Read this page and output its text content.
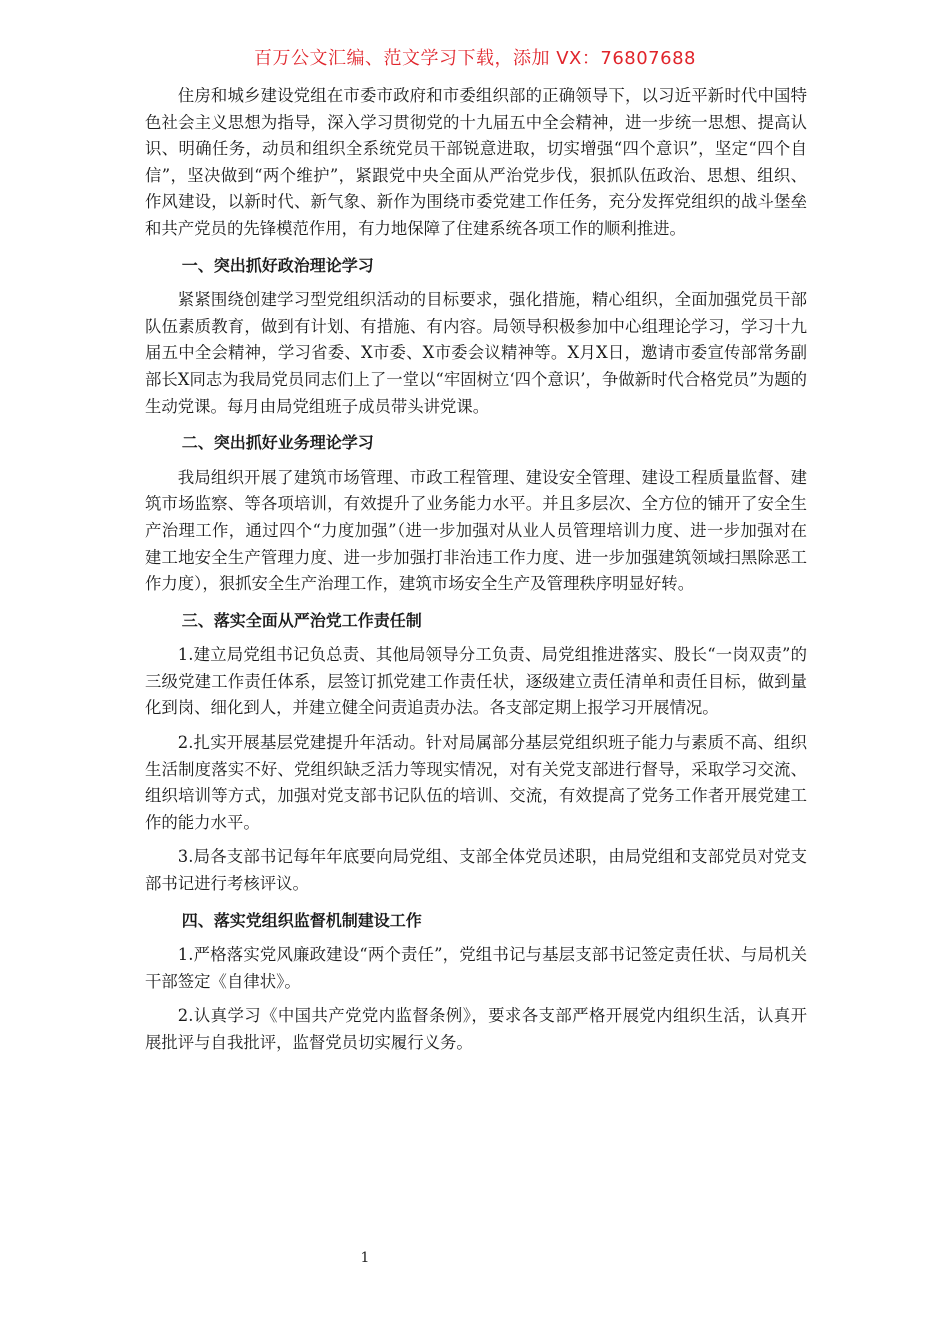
百万公文汇编、范文学习下载，添加 VX：76807688

住房和城乡建设党组在市委市政府和市委组织部的正确领导下，以习近平新时代中国特色社会主义思想为指导，深入学习贯彻党的十九届五中全会精神，进一步统一思想、提高认识、明确任务，动员和组织全系统党员干部锐意进取，切实增强“四个意识”，坚定“四个自信”，坚决做到“两个维护”，紧跟党中央全面从严治党步伐，狠抓队伍政治、思想、组织、作风建设，以新时代、新气象、新作为围绕市委党建工作任务，充分发挥党组织的战斗堡垒和共产党员的先锋模范作用，有力地保障了住建系统各项工作的顺利推进。

一、突出抓好政治理论学习

紧紧围绕创建学习型党组织活动的目标要求，强化措施，精心组织，全面加强党员干部队伍素质教育，做到有计划、有措施、有内容。局领导积极参加中心组理论学习，学习十九届五中全会精神，学习省委、X市委、X市委会议精神等。X月X日，邀请市委宣传部常务副部长X同志为我局党员同志们上了一堂以“牢固树立‘四个意识’，争做新时代合格党员”为题的生动党课。每月由局党组班子成员带头讲党课。

二、突出抓好业务理论学习

我局组织开展了建筑市场管理、市政工程管理、建设安全管理、建设工程质量监督、建筑市场监察、等各项培训，有效提升了业务能力水平。并且多层次、全方位的铺开了安全生产治理工作，通过四个“力度加强”（进一步加强对从业人员管理培训力度、进一步加强对在建工地安全生产管理力度、进一步加强打非治违工作力度、进一步加强建筑领域扫黑除恶工作力度），狠抓安全生产治理工作，建筑市场安全生产及管理秩序明显好转。

三、落实全面从严治党工作责任制

1.建立局党组书记负总责、其他局领导分工负责、局党组推进落实、股长“一岗双责”的三级党建工作责任体系，层签订抓党建工作责任状，逐级建立责任清单和责任目标，做到量化到岗、细化到人，并建立健全问责追责办法。各支部定期上报学习开展情况。

2.扎实开展基层党建提升年活动。针对局属部分基层党组织班子能力与素质不高、组织生活制度落实不好、党组织缺乏活力等现实情况，对有关党支部进行督导，采取学习交流、组织培训等方式，加强对党支部书记队伍的培训、交流，有效提高了党务工作者开展党建工作的能力水平。

3.局各支部书记每年年底要向局党组、支部全体党员述职，由局党组和支部党员对党支部书记进行考核评议。

四、落实党组织监督机制建设工作

1.严格落实党风廉政建设“两个责任”，党组书记与基层支部书记签定责任状、与局机关干部签定《自律状》。

2.认真学习《中国共产党党内监督条例》，要求各支部严格开展党内组织生活，认真开展批评与自我批评，监督党员切实履行义务。

1
